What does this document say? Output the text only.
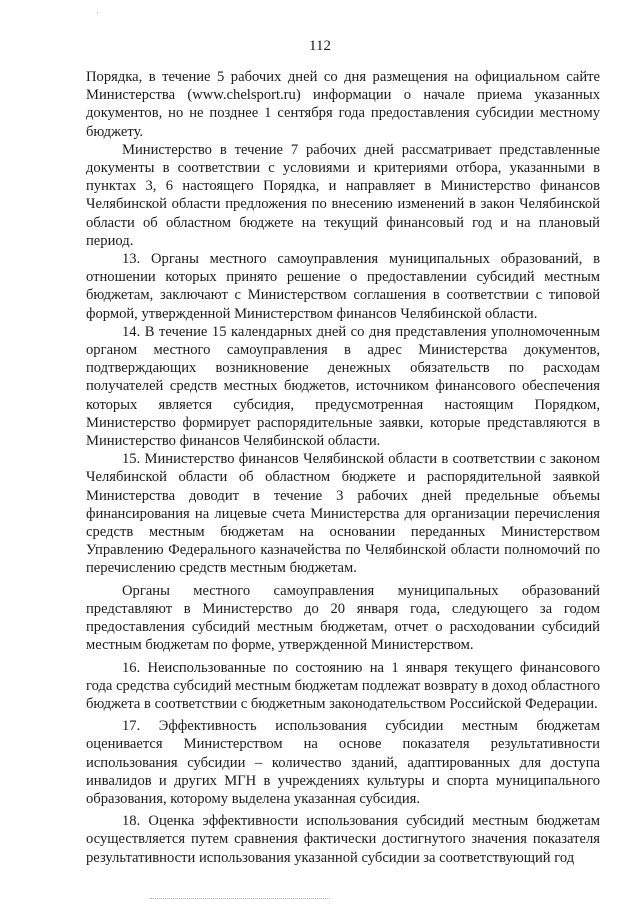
·
112

Порядка, в течение 5 рабочих дней со дня размещения на официальном сайте Министерства (www.chelsport.ru) информации о начале приема указанных документов, но не позднее 1 сентября года предоставления субсидии местному бюджету.

Министерство в течение 7 рабочих дней рассматривает представленные документы в соответствии с условиями и критериями отбора, указанными в пунктах 3, 6 настоящего Порядка, и направляет в Министерство финансов Челябинской области предложения по внесению изменений в закон Челябинской области об областном бюджете на текущий финансовый год и на плановый период.

13. Органы местного самоуправления муниципальных образований, в отношении которых принято решение о предоставлении субсидий местным бюджетам, заключают с Министерством соглашения в соответствии с типовой формой, утвержденной Министерством финансов Челябинской области.

14. В течение 15 календарных дней со дня представления уполномоченным органом местного самоуправления в адрес Министерства документов, подтверждающих возникновение денежных обязательств по расходам получателей средств местных бюджетов, источником финансового обеспечения которых является субсидия, предусмотренная настоящим Порядком, Министерство формирует распорядительные заявки, которые представляются в Министерство финансов Челябинской области.

15. Министерство финансов Челябинской области в соответствии с законом Челябинской области об областном бюджете и распорядительной заявкой Министерства доводит в течение 3 рабочих дней предельные объемы финансирования на лицевые счета Министерства для организации перечисления средств местным бюджетам на основании переданных Министерством Управлению Федерального казначейства по Челябинской области полномочий по перечислению средств местным бюджетам.

Органы местного самоуправления муниципальных образований представляют в Министерство до 20 января года, следующего за годом предоставления субсидий местным бюджетам, отчет о расходовании субсидий местным бюджетам по форме, утвержденной Министерством.

16. Неиспользованные по состоянию на 1 января текущего финансового года средства субсидий местным бюджетам подлежат возврату в доход областного бюджета в соответствии с бюджетным законодательством Российской Федерации.

17. Эффективность использования субсидии местным бюджетам оценивается Министерством на основе показателя результативности использования субсидии – количество зданий, адаптированных для доступа инвалидов и других МГН в учреждениях культуры и спорта муниципального образования, которому выделена указанная субсидия.

18. Оценка эффективности использования субсидий местным бюджетам осуществляется путем сравнения фактически достигнутого значения показателя результативности использования указанной субсидии за соответствующий год
